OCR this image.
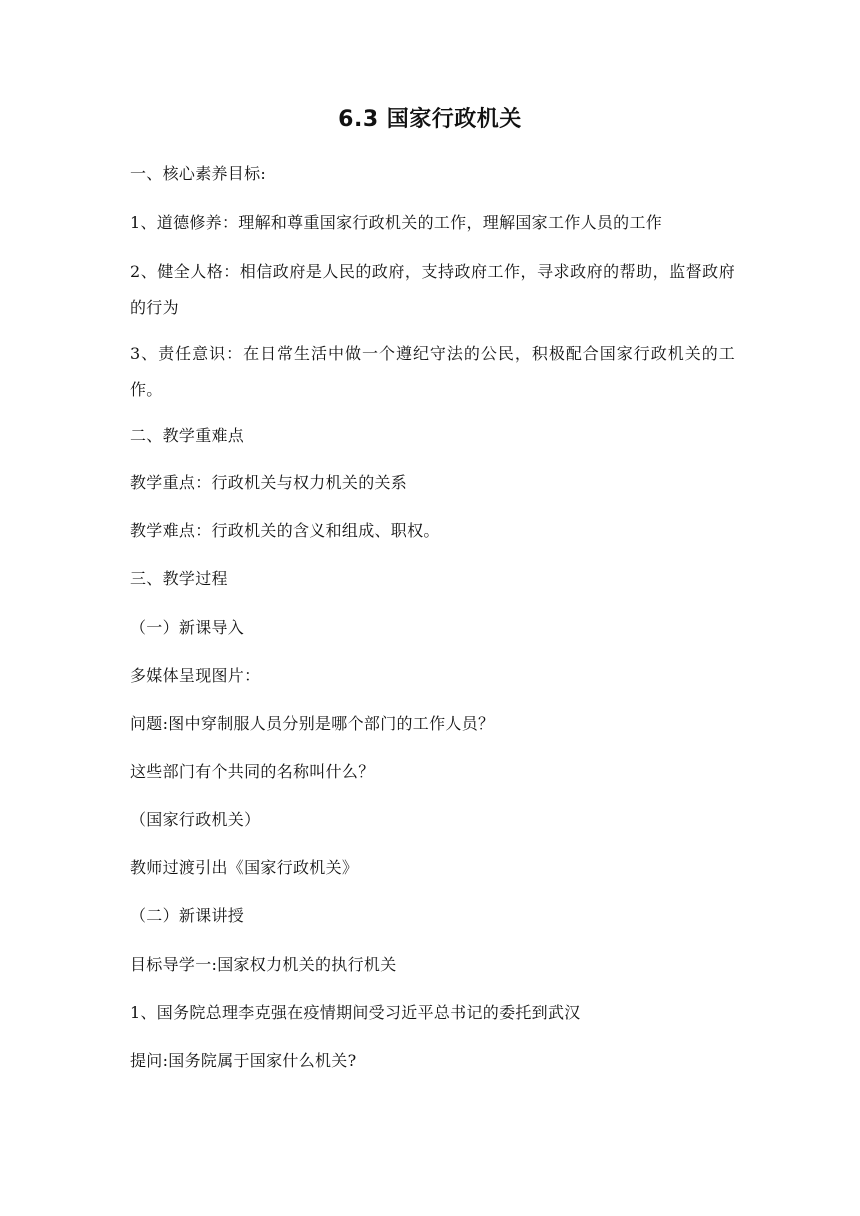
6.3 国家行政机关
一、核心素养目标:
1、道德修养：理解和尊重国家行政机关的工作，理解国家工作人员的工作
2、健全人格：相信政府是人民的政府，支持政府工作，寻求政府的帮助，监督政府的行为
3、责任意识：在日常生活中做一个遵纪守法的公民，积极配合国家行政机关的工作。
二、教学重难点
教学重点：行政机关与权力机关的关系
教学难点：行政机关的含义和组成、职权。
三、教学过程
（一）新课导入
多媒体呈现图片：
问题:图中穿制服人员分别是哪个部门的工作人员？
这些部门有个共同的名称叫什么？
（国家行政机关）
教师过渡引出《国家行政机关》
（二）新课讲授
目标导学一:国家权力机关的执行机关
1、国务院总理李克强在疫情期间受习近平总书记的委托到武汉
提问:国务院属于国家什么机关?
